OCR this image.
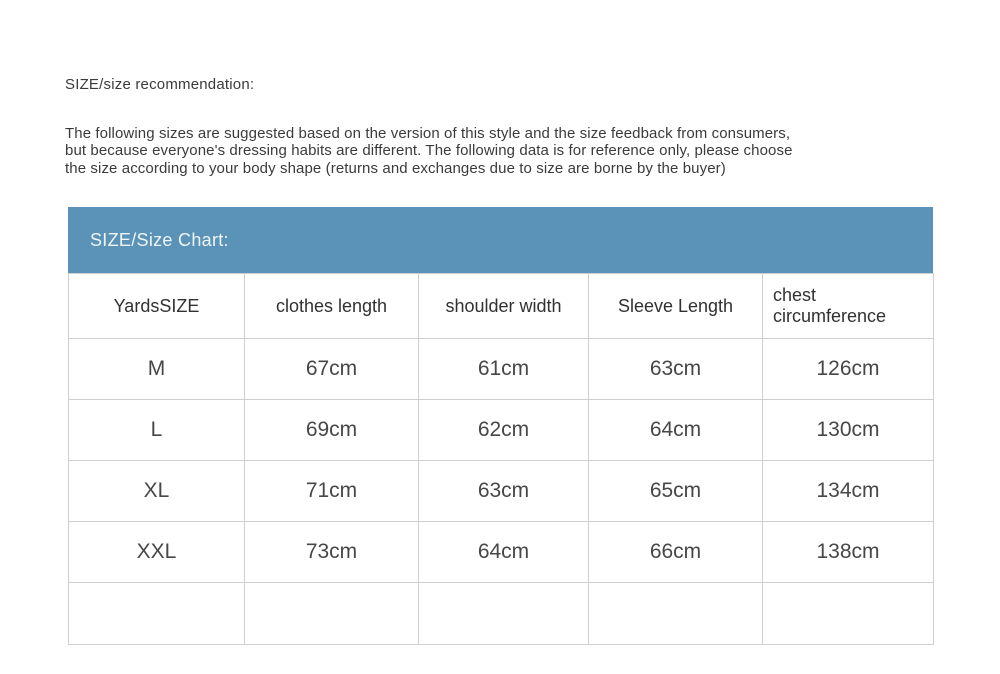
SIZE/size recommendation:
The following sizes are suggested based on the version of this style and the size feedback from consumers,
but because everyone's dressing habits are different. The following data is for reference only, please choose
the size according to your body shape (returns and exchanges due to size are borne by the buyer)
SIZE/Size Chart:
YardsSIZE	clothes length	shoulder width	Sleeve Length	chest circumference
M	67cm	61cm	63cm	126cm
L	69cm	62cm	64cm	130cm
XL	71cm	63cm	65cm	134cm
XXL	73cm	64cm	66cm	138cm
